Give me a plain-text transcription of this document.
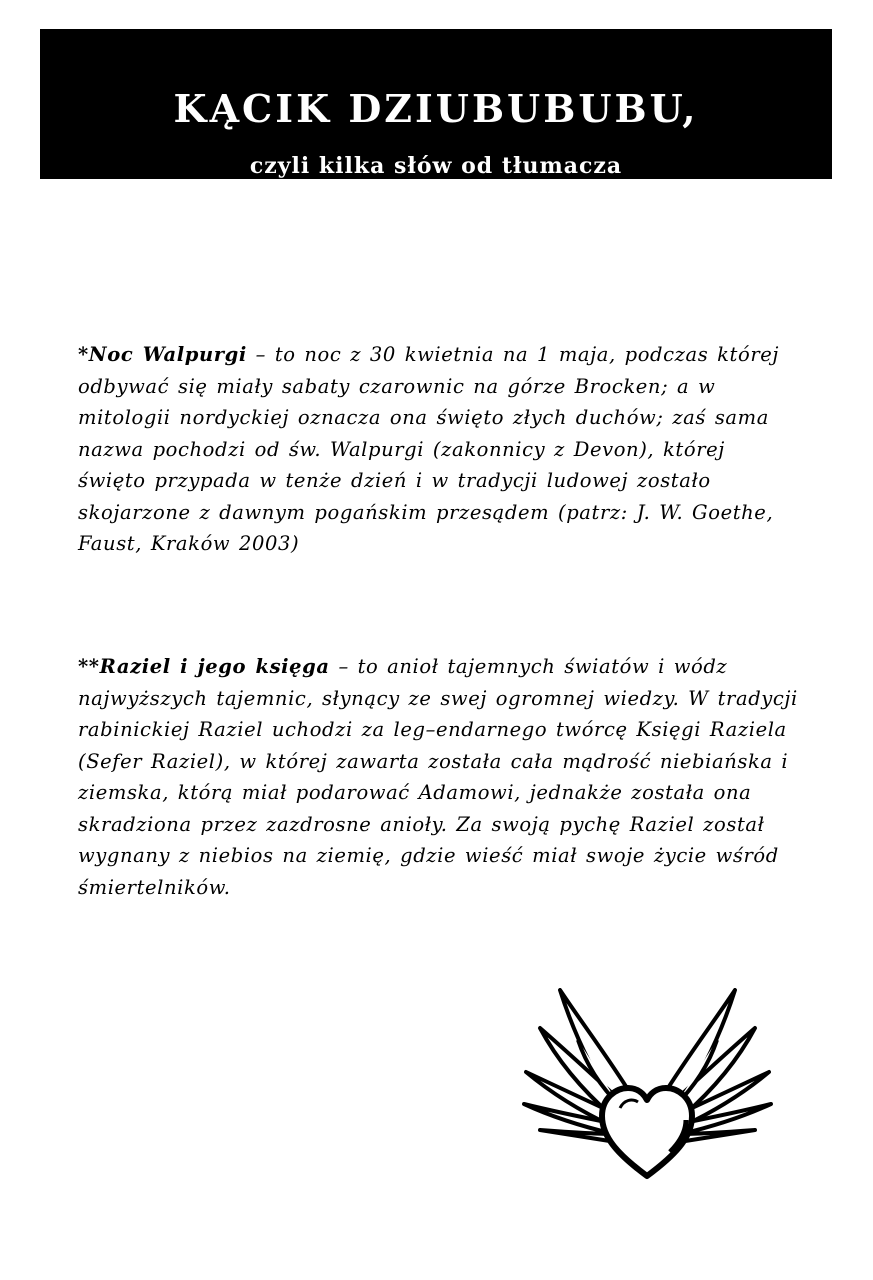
KĄCIK DZIUBUBUBU,
czyli kilka słów od tłumacza

*Noc Walpurgi – to noc z 30 kwietnia na 1 maja, podczas której odbywać się miały sabaty czarownic na górze Brocken; a w mitologii nordyckiej oznacza ona święto złych duchów; zaś sama nazwa pochodzi od św. Walpurgi (zakonnicy z Devon), której święto przypada w tenże dzień i w tradycji ludowej zostało skojarzone z dawnym pogańskim przesądem (patrz: J. W. Goethe, Faust, Kraków 2003)

**Raziel i jego księga – to anioł tajemnych światów i wódz najwyższych tajemnic, słynący ze swej ogromnej wiedzy. W tradycji rabinickiej Raziel uchodzi za leg–endarnego twórcę Księgi Raziela (Sefer Raziel), w której zawarta została cała mądrość niebiańska i ziemska, którą miał podarować Adamowi, jednakże została ona skradziona przez zazdrosne anioły. Za swoją pychę Raziel został wygnany z niebios na ziemię, gdzie wieść miał swoje życie wśród śmiertelników.
